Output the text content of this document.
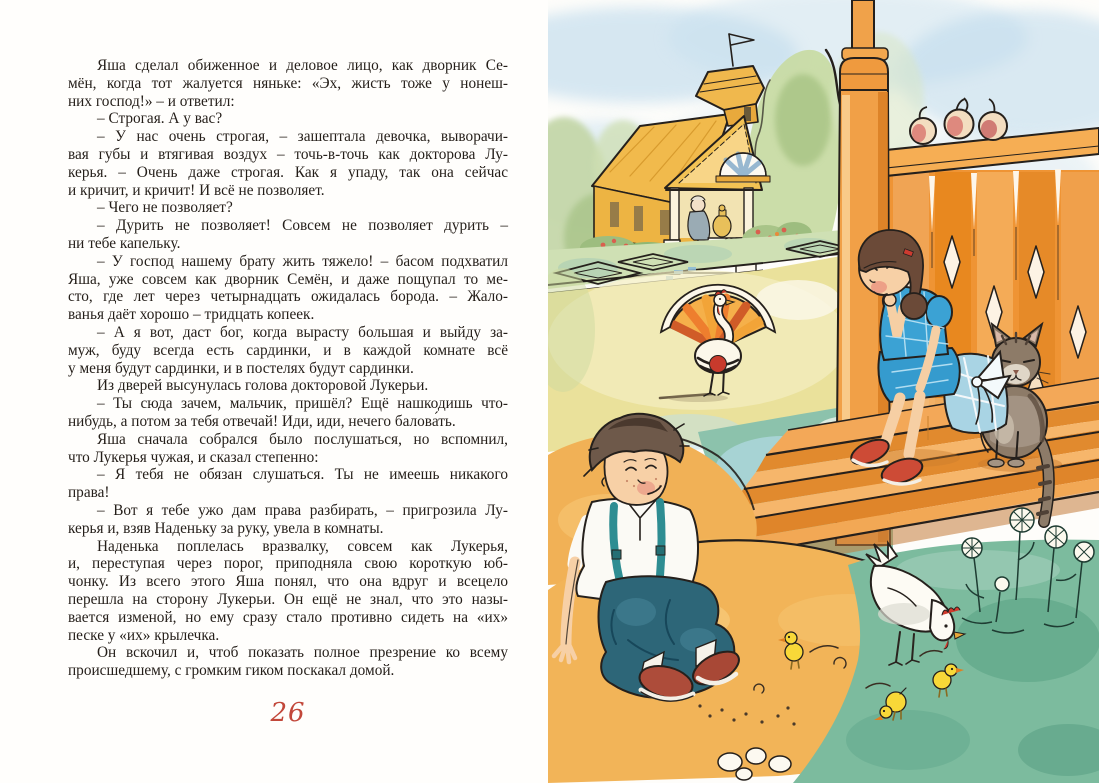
Яша сделал обиженное и деловое лицо, как дворник Се-
мён, когда тот жалуется няньке: «Эх, жисть тоже у нонеш-
них господ!» – и ответил:
– Строгая. А у вас?
– У нас очень строгая, – зашептала девочка, выворачи-
вая губы и втягивая воздух – точь-в-точь как докторова Лу-
керья. – Очень даже строгая. Как я упаду, так она сейчас
и кричит, и кричит! И всё не позволяет.
– Чего не позволяет?
– Дурить не позволяет! Совсем не позволяет дурить –
ни тебе капельку.
– У господ нашему брату жить тяжело! – басом подхватил
Яша, уже совсем как дворник Семён, и даже пощупал то ме-
сто, где лет через четырнадцать ожидалась борода. – Жало-
ванья даёт хорошо – тридцать копеек.
– А я вот, даст бог, когда вырасту большая и выйду за-
муж, буду всегда есть сардинки, и в каждой комнате всё
у меня будут сардинки, и в постелях будут сардинки.
Из дверей высунулась голова докторовой Лукерьи.
– Ты сюда зачем, мальчик, пришёл? Ещё нашкодишь что-
нибудь, а потом за тебя отвечай! Иди, иди, нечего балова́ть.
Яша сначала собрался было послушаться, но вспомнил,
что Лукерья чужая, и сказал степенно:
– Я тебя не обязан слушаться. Ты не имеешь никакого
права!
– Вот я тебе ужо дам права разбирать, – пригрозила Лу-
керья и, взяв Наденьку за руку, увела в комнаты.
Наденька поплелась вразвалку, совсем как Лукерья,
и, переступая через порог, приподняла свою короткую юб-
чонку. Из всего этого Яша понял, что она вдруг и всецело
перешла на сторону Лукерьи. Он ещё не знал, что это назы-
вается изменой, но ему сразу стало противно сидеть на «их»
песке у «их» крылечка.
Он вскочил и, чтоб показать полное презрение ко всему
происшедшему, с громким гиком поскакал домой.
26
